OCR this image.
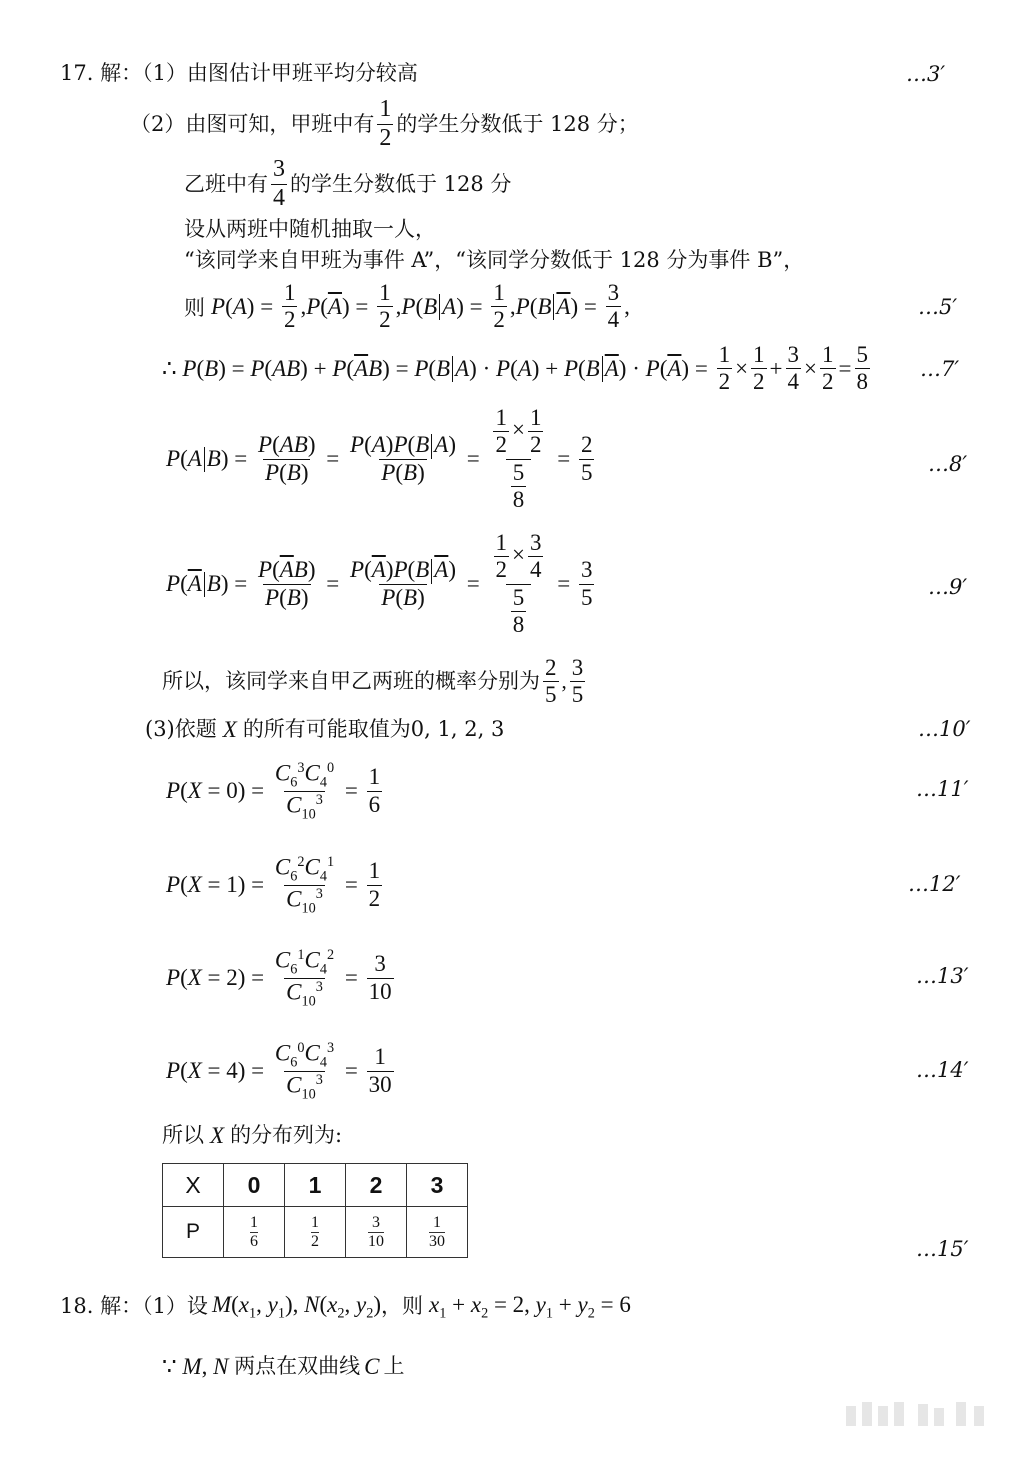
17. 解：（1）由图估计甲班平均分较高	…3′
（2）由图可知，甲班中有 $\frac{1}{2}$ 的学生分数低于 128 分；
乙班中有 $\frac{3}{4}$ 的学生分数低于 128 分
设从两班中随机抽取一人，
“该同学来自甲班为事件 A”，“该同学分数低于 128 分为事件 B”，
则 P ( A ) = $\frac{1}{2}$ , P ( $\overline{A}$ ) = $\frac{1}{2}$ , P ( B A ) = $\frac{1}{2}$ , P ( B $\overline{A}$ ) = $\frac{3}{4}$ ,	…5′
∴ P ( B ) = P ( AB ) + P ( $\overline{A}$ B ) = P ( B A ) · P ( A ) + P ( B $\overline{A}$ ) · P ( $\overline{A}$ ) = $\frac{1}{2} \times \frac{1}{2} + \frac{3}{4} \times \frac{1}{2} = \frac{5}{8}$ …7′
P ( A B ) = $\frac{P(AB)}{P(B)} = \frac{\text{P(A)P(B A)}}{P(B)} = \frac{\frac{1}{2} \times \frac{1}{2}}{\frac{5}{8}} = \frac{2}{5}$	…8′
P ( $\overline{A}$ B ) = $\frac{P(\overline{A}B)}{P(B)} = \frac{P(\overline{A})P(B \overline{A})}{P(B)} = \frac{\frac{1}{2} \times \frac{3}{4}}{\frac{5}{8}} = \frac{3}{5}$	…9′
所以，该同学来自甲乙两班的概率分别为 $\frac{2}{5}$ , $\frac{3}{5}$
(3)依题 X 的所有可能取值为0, 1, 2, 3	…10′
P ( $X = 0) = \frac{C_6^3C_4^0}{C_{10}^3} = \frac{1}{6}$	…11′
P ( $X = 1) = \frac{C_6^2C_4^1}{C_{10}^3} = \frac{1}{2}$	…12′
P ( $X = 2) = \frac{C_6^1C_4^2}{C_{10}^3} = \frac{3}{10}$	…13′
P ( $X = 4) = \frac{C_6^0C_4^3}{C_{10}^3} = \frac{1}{30}$	…14′
所以 X 的分布列为:
X	0	1	2	3
P	$\frac{1}{6}$	$\frac{1}{2}$	$\frac{3}{10}$	$\frac{1}{30}$	…15′
18. 解：（1）设 $M(x_1$, $y_1$), $N(x_2$, $y_2$) ，则 $x_1 + x_2 = 2$, $y_1 + y_2 = 6$
∵ M, N 两点在双曲线 C 上
